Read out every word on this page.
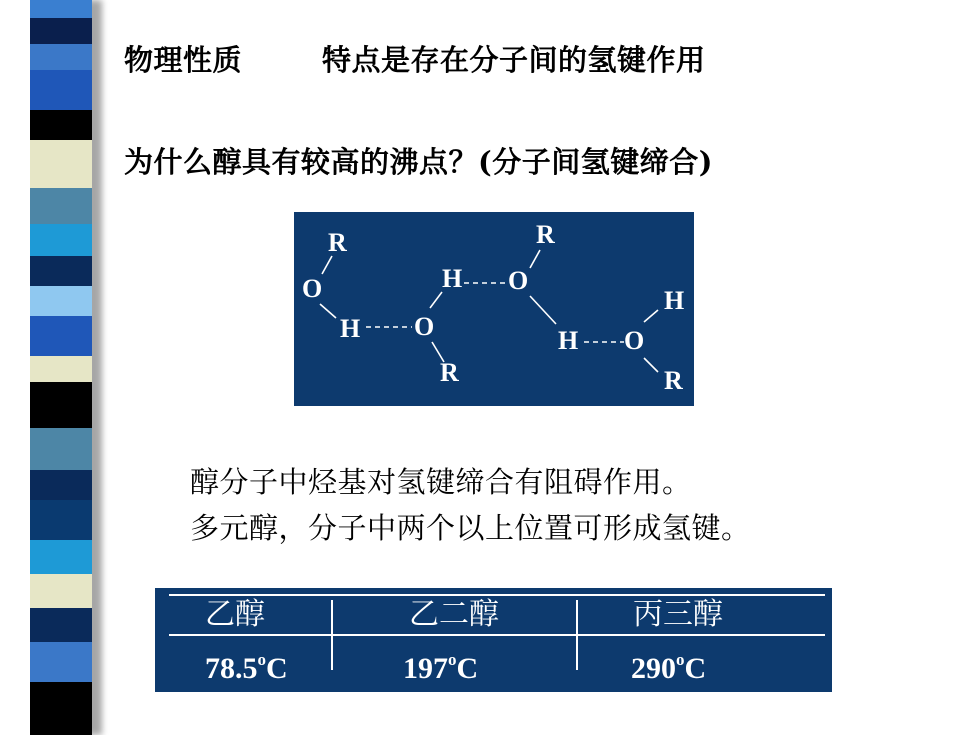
物理性质	特点是存在分子间的氢键作用
为什么醇具有较高的沸点？(分子间氢键缔合)
R
O
H O
R
H O
R
H O
H
R
醇分子中烃基对氢键缔合有阻碍作用。
多元醇，分子中两个以上位置可形成氢键。
乙醇	乙二醇	丙三醇
78.5$^o$C	197$^o$C	290$^o$C
